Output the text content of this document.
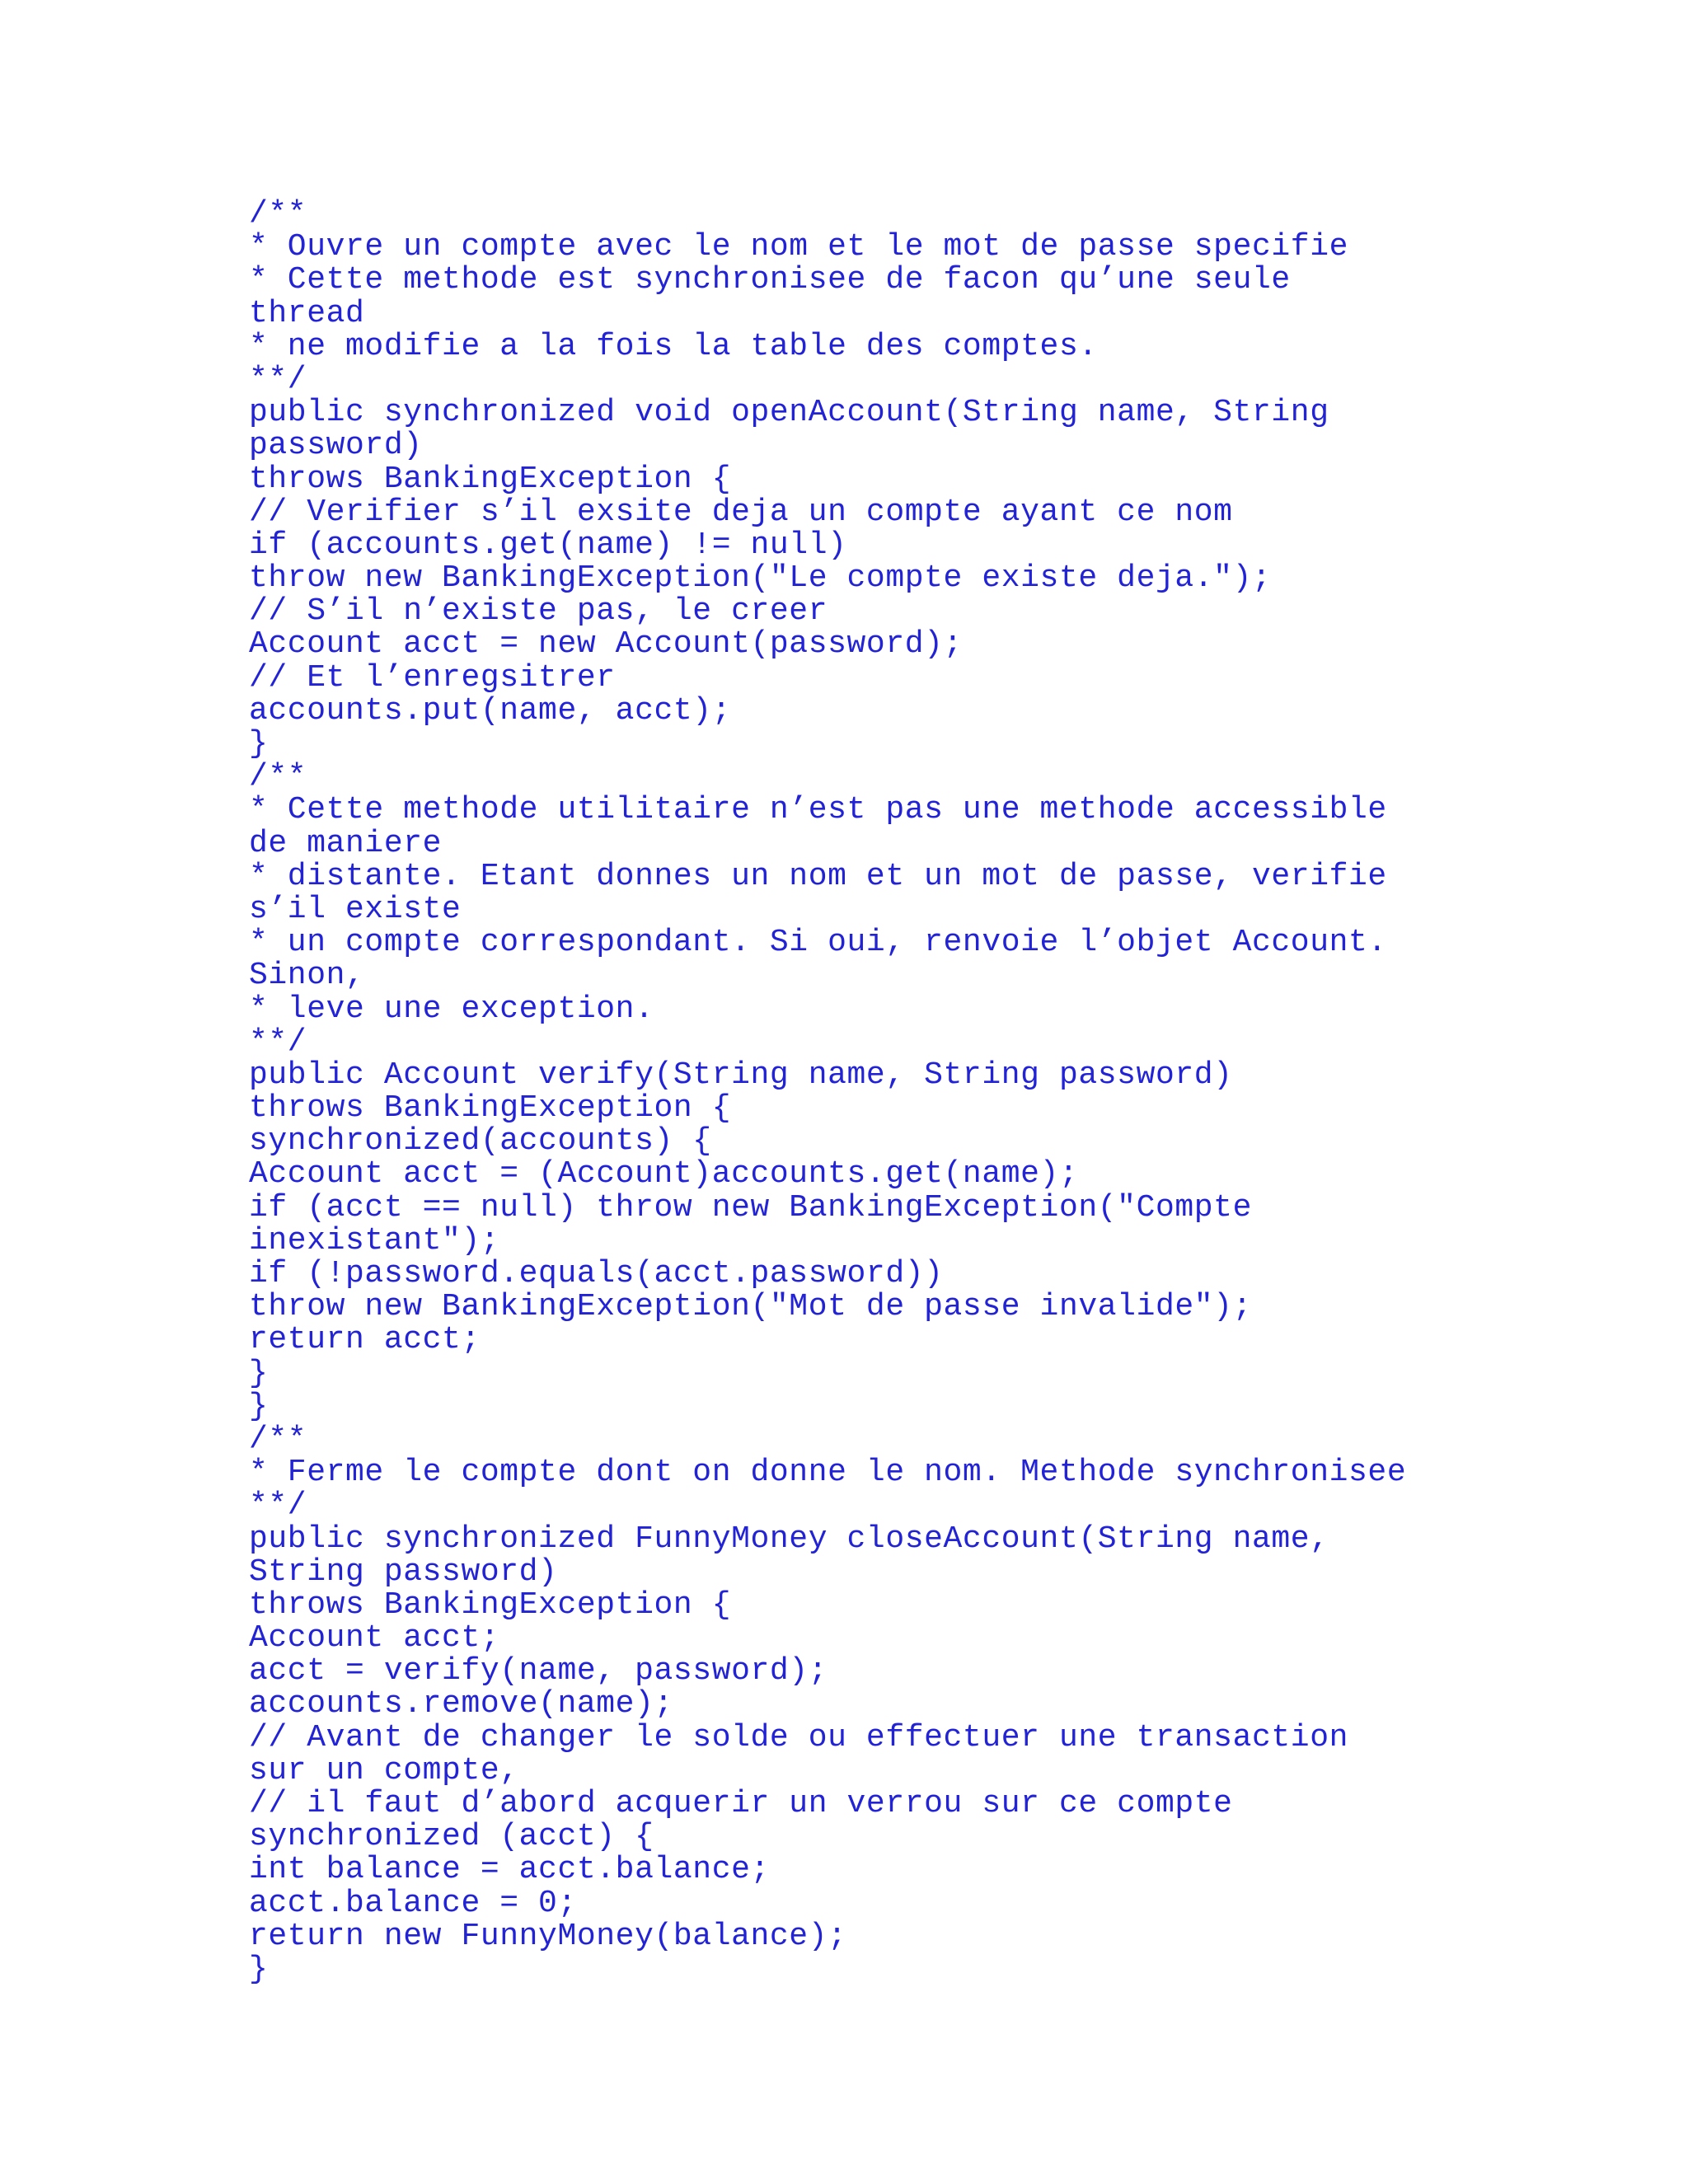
/**
* Ouvre un compte avec le nom et le mot de passe specifie
* Cette methode est synchronisee de facon qu’une seule
thread
* ne modifie a la fois la table des comptes.
**/
public synchronized void openAccount(String name, String
password)
throws BankingException {
// Verifier s’il exsite deja un compte ayant ce nom
if (accounts.get(name) != null)
throw new BankingException("Le compte existe deja.");
// S’il n’existe pas, le creer
Account acct = new Account(password);
// Et l’enregsitrer
accounts.put(name, acct);
}
/**
* Cette methode utilitaire n’est pas une methode accessible
de maniere
* distante. Etant donnes un nom et un mot de passe, verifie
s’il existe
* un compte correspondant. Si oui, renvoie l’objet Account.
Sinon,
* leve une exception.
**/
public Account verify(String name, String password)
throws BankingException {
synchronized(accounts) {
Account acct = (Account)accounts.get(name);
if (acct == null) throw new BankingException("Compte
inexistant");
if (!password.equals(acct.password))
throw new BankingException("Mot de passe invalide");
return acct;
}
}
/**
* Ferme le compte dont on donne le nom. Methode synchronisee
**/
public synchronized FunnyMoney closeAccount(String name,
String password)
throws BankingException {
Account acct;
acct = verify(name, password);
accounts.remove(name);
// Avant de changer le solde ou effectuer une transaction
sur un compte,
// il faut d’abord acquerir un verrou sur ce compte
synchronized (acct) {
int balance = acct.balance;
acct.balance = 0;
return new FunnyMoney(balance);
}
